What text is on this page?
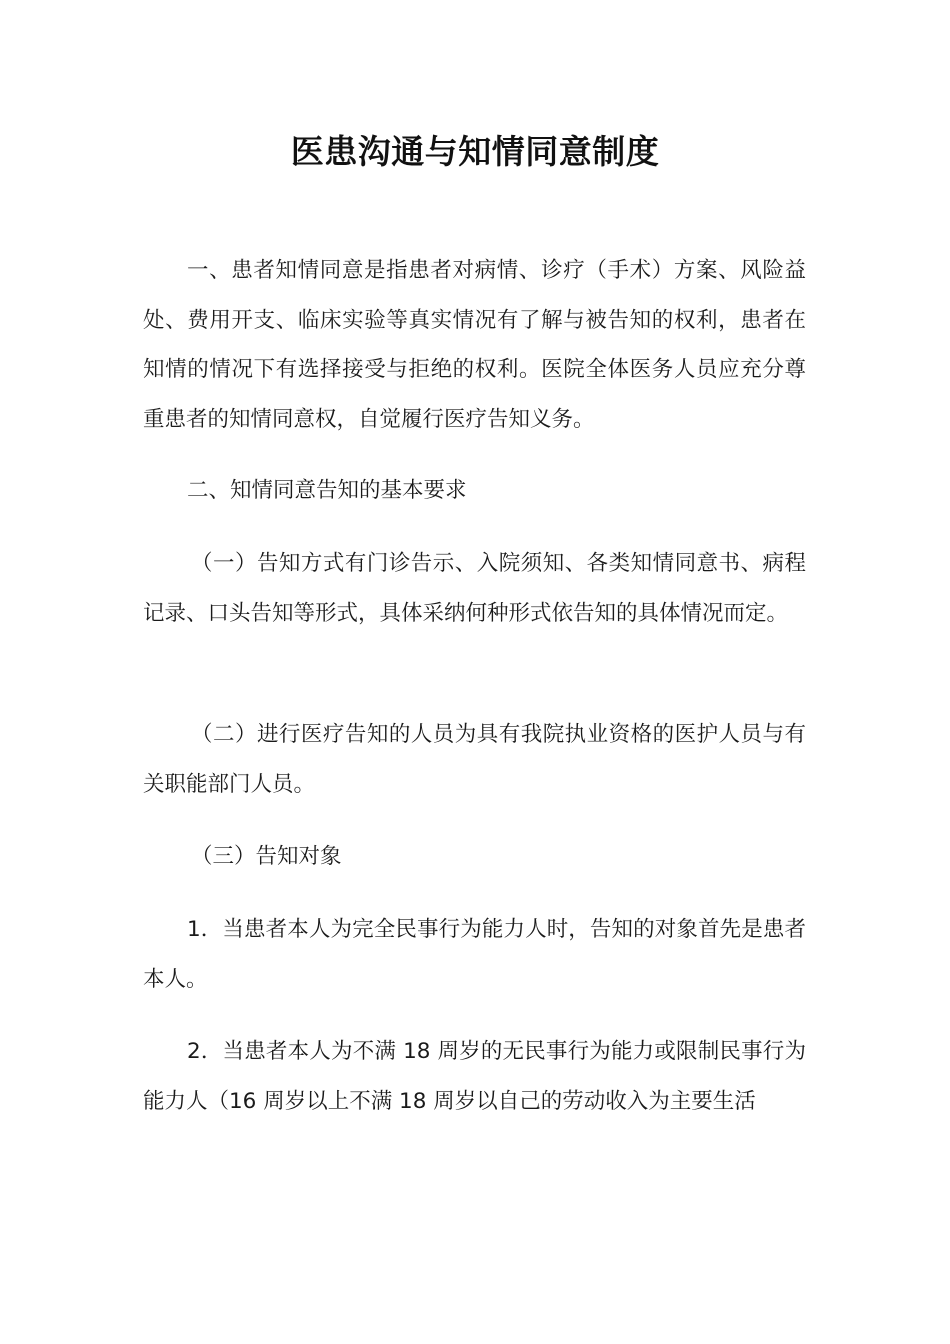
医患沟通与知情同意制度
一、患者知情同意是指患者对病情、诊疗（手术）方案、风险益处、费用开支、临床实验等真实情况有了解与被告知的权利，患者在知情的情况下有选择接受与拒绝的权利。医院全体医务人员应充分尊重患者的知情同意权，自觉履行医疗告知义务。
二、知情同意告知的基本要求
（一）告知方式有门诊告示、入院须知、各类知情同意书、病程记录、口头告知等形式，具体采纳何种形式依告知的具体情况而定。
（二）进行医疗告知的人员为具有我院执业资格的医护人员与有关职能部门人员。
（三）告知对象
1．当患者本人为完全民事行为能力人时，告知的对象首先是患者本人。
2．当患者本人为不满 18 周岁的无民事行为能力或限制民事行为能力人（16 周岁以上不满 18 周岁以自己的劳动收入为主要生活
